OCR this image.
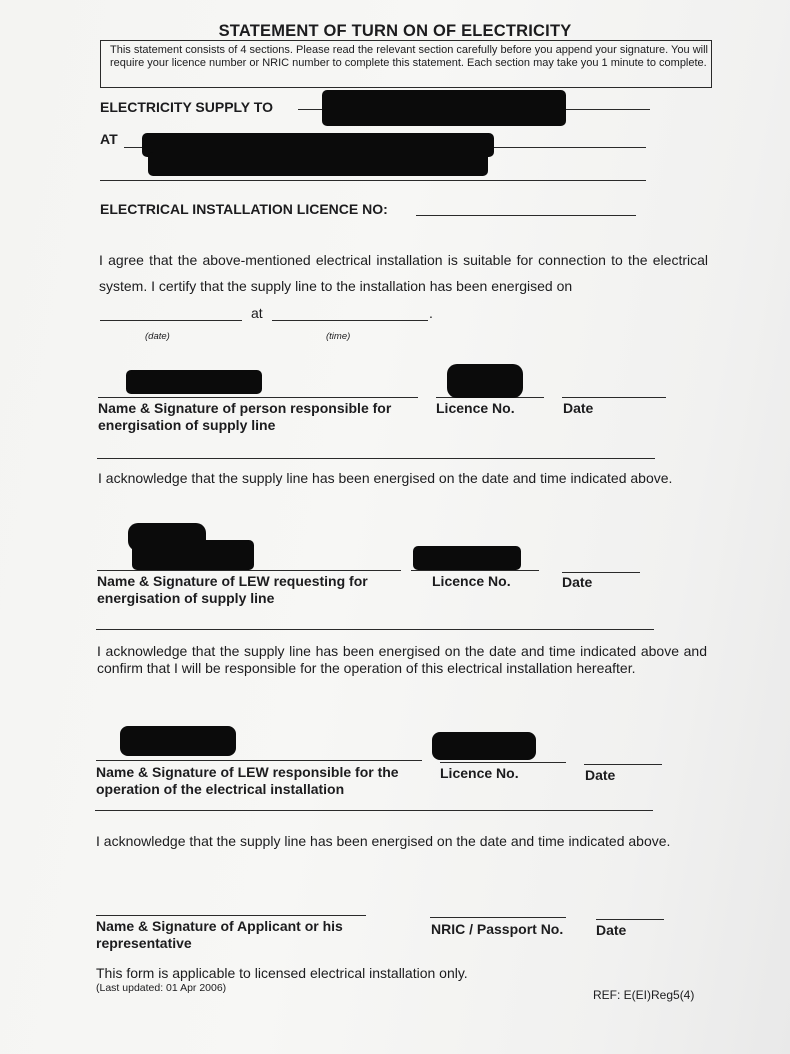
STATEMENT OF TURN ON OF ELECTRICITY
This statement consists of 4 sections. Please read the relevant section carefully before you append your signature. You will require your licence number or NRIC number to complete this statement. Each section may take you 1 minute to complete.
ELECTRICITY SUPPLY TO
AT
ELECTRICAL INSTALLATION LICENCE NO:
I agree that the above-mentioned electrical installation is suitable for connection to the electrical system. I certify that the supply line to the installation has been energised on
at	.
(date)	(time)
Name & Signature of person responsible for energisation of supply line
Licence No.	Date
I acknowledge that the supply line has been energised on the date and time indicated above.
Name & Signature of LEW requesting for energisation of supply line
Licence No.	Date
I acknowledge that the supply line has been energised on the date and time indicated above and confirm that I will be responsible for the operation of this electrical installation hereafter.
Name & Signature of LEW responsible for the operation of the electrical installation
Licence No.	Date
I acknowledge that the supply line has been energised on the date and time indicated above.
Name & Signature of Applicant or his representative
NRIC / Passport No. Date
This form is applicable to licensed electrical installation only.
(Last updated: 01 Apr 2006)	REF: E(EI)Reg5(4)
